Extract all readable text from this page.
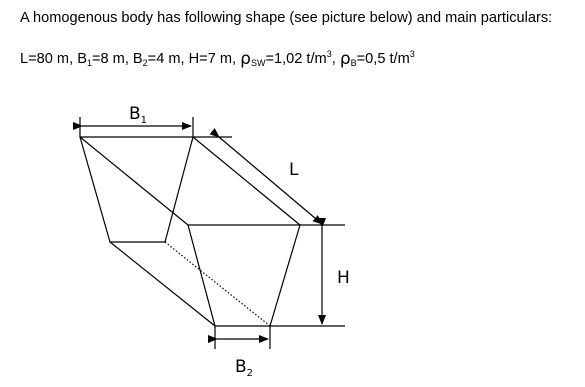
A homogenous body has following shape (see picture below) and main particulars:

L=80 m, $B_1=8$ m, $B_2=4$ m, H=7 m, $\rho_{SW}=1,02$ $t/m^3$, $\rho_B=0,5$ $t/m^3$

$B_1$
L
H
$B_2$
